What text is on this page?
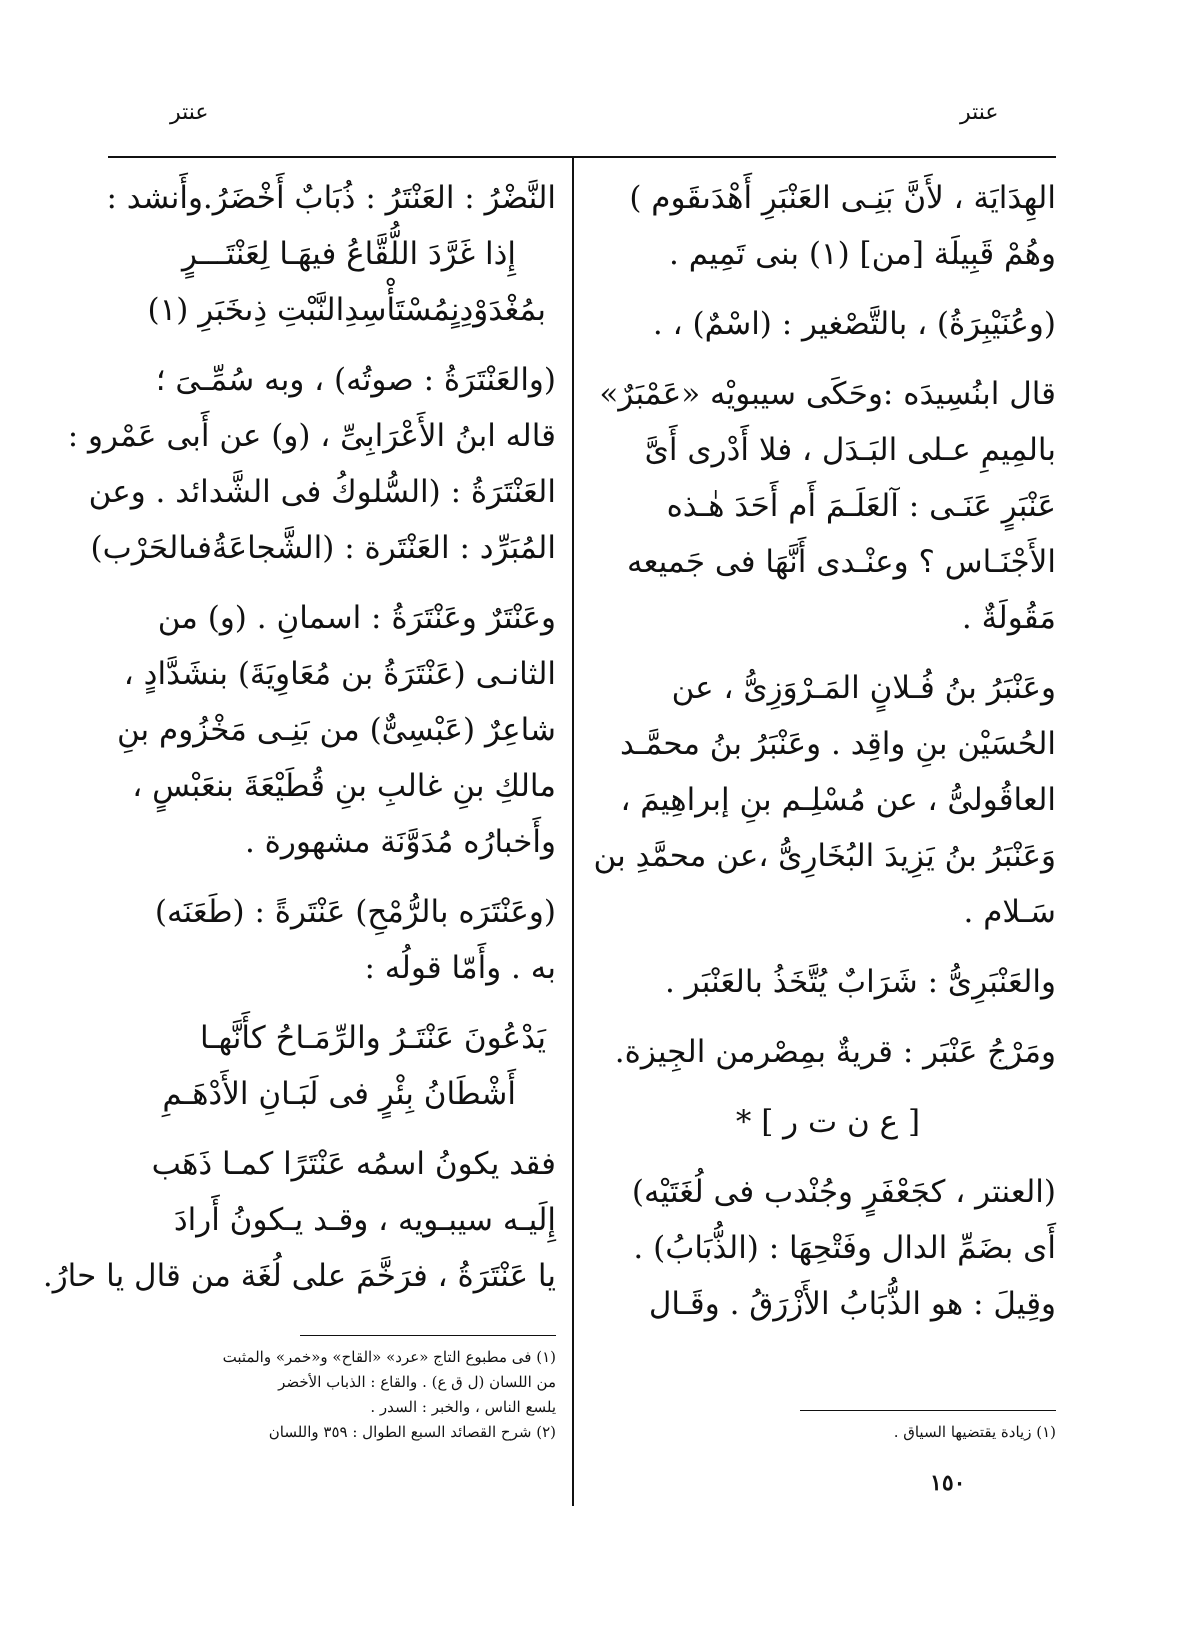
عنتر
عنتر
الهِدَايَة ، لأَنَّ بَنِـى العَنْبَرِ أَهْدَىقَوم )
وهُمْ قَبِيلَة [من] (١) بنى تَمِيم .
(وعُنَيْبِرَةُ) ، بالتَّصْغير : (اسْمٌ) ، .
قال ابنُسِيدَه :وحَكَى سيبويْه «عَمْبَرٌ»
بالمِيمِ عـلى البَـدَل ، فلا أَدْرى أَىَّ
عَنْبَرٍ عَنَـى : آلعَلَـمَ أَم أَحَدَ هٰـذه
الأَجْنَـاس ؟ وعنْـدى أَنَّهَا فى جَميعه
مَقُولَةٌ .
وعَنْبَرُ بنُ فُـلانٍ المَـرْوَزِىُّ ، عن
الحُسَيْن بنِ واقِد . وعَنْبَرُ بنُ محمَّـد
العاقُولىُّ ، عن مُسْلِـم بنِ إبراهِيمَ ،
وَعَنْبَرُ بنُ يَزِيدَ البُخَارِىُّ ،عن محمَّدِ بن
سَـلام .
والعَنْبَرِىُّ : شَرَابٌ يُتَّخَذُ بالعَنْبَر .
ومَرْجُ عَنْبَر : قريةٌ بمِصْرمن الجِيزة.
[ ع ن ت ر ] *
(العنتر ، كجَعْفَرٍ وجُنْدب فى لُغَتَيْه)
أَى بضَمِّ الدال وفَتْحِهَا : (الذُّبَابُ) .
وقِيلَ : هو الذُّبَابُ الأَزْرَقُ . وقَـال
النَّضْرُ : العَنْتَرُ : ذُبَابٌ أَخْضَرُ.وأَنشد :
إِذا غَرَّدَ اللُّقَّاعُ فيهَـا لِعَنْتَـــرٍ
بمُغْدَوْدِنٍمُسْتَأْسِدِالنَّبْتِ ذِىخَبَرِ (١)
(والعَنْتَرَةُ : صوتُه) ، وبه سُمِّـىَ ؛
قاله ابنُ الأَعْرَابِىِّ ، (و) عن أَبى عَمْرو :
العَنْتَرَةُ : (السُّلوكُ فى الشَّدائد . وعن
المُبَرِّد : العَنْتَرة : (الشَّجاعَةُفىالحَرْب)
وعَنْتَرٌ وعَنْتَرَةُ : اسمانِ . (و) من
الثانـى (عَنْتَرَةُ بن مُعَاوِيَةَ) بنشَدَّادٍ ،
شاعِرٌ (عَبْسِىٌّ) من بَنِـى مَخْزُوم بنِ
مالكِ بنِ غالبِ بنِ قُطَيْعَةَ بنعَبْسٍ ،
وأَخبارُه مُدَوَّنَة مشهورة .
(وعَنْتَرَه بالرُّمْحِ) عَنْتَرةً : (طَعَنَه)
به . وأَمّا قولُه :
يَدْعُونَ عَنْتَـرُ والرِّمَـاحُ كأَنَّهـا
أَشْطَانُ بِئْرٍ فى لَبَـانِ الأَدْهَـمِ
فقد يكونُ اسمُه عَنْتَرًا كمـا ذَهَب
إِلَيـه سيبـويه ، وقـد يـكونُ أَرادَ
يا عَنْتَرَةُ ، فرَخَّمَ على لُغَة من قال يا حارُ.
(١) زيادة يقتضيها السياق .
(١) فى مطبوع التاج «عرد» «القاح» و«خمر» والمثبت
من اللسان (ل ق ع) . والقاع : الذباب الأخضر
يلسع الناس ، والخبر : السدر .
(٢) شرح القصائد السبع الطوال : ٣٥٩ واللسان
١٥٠
